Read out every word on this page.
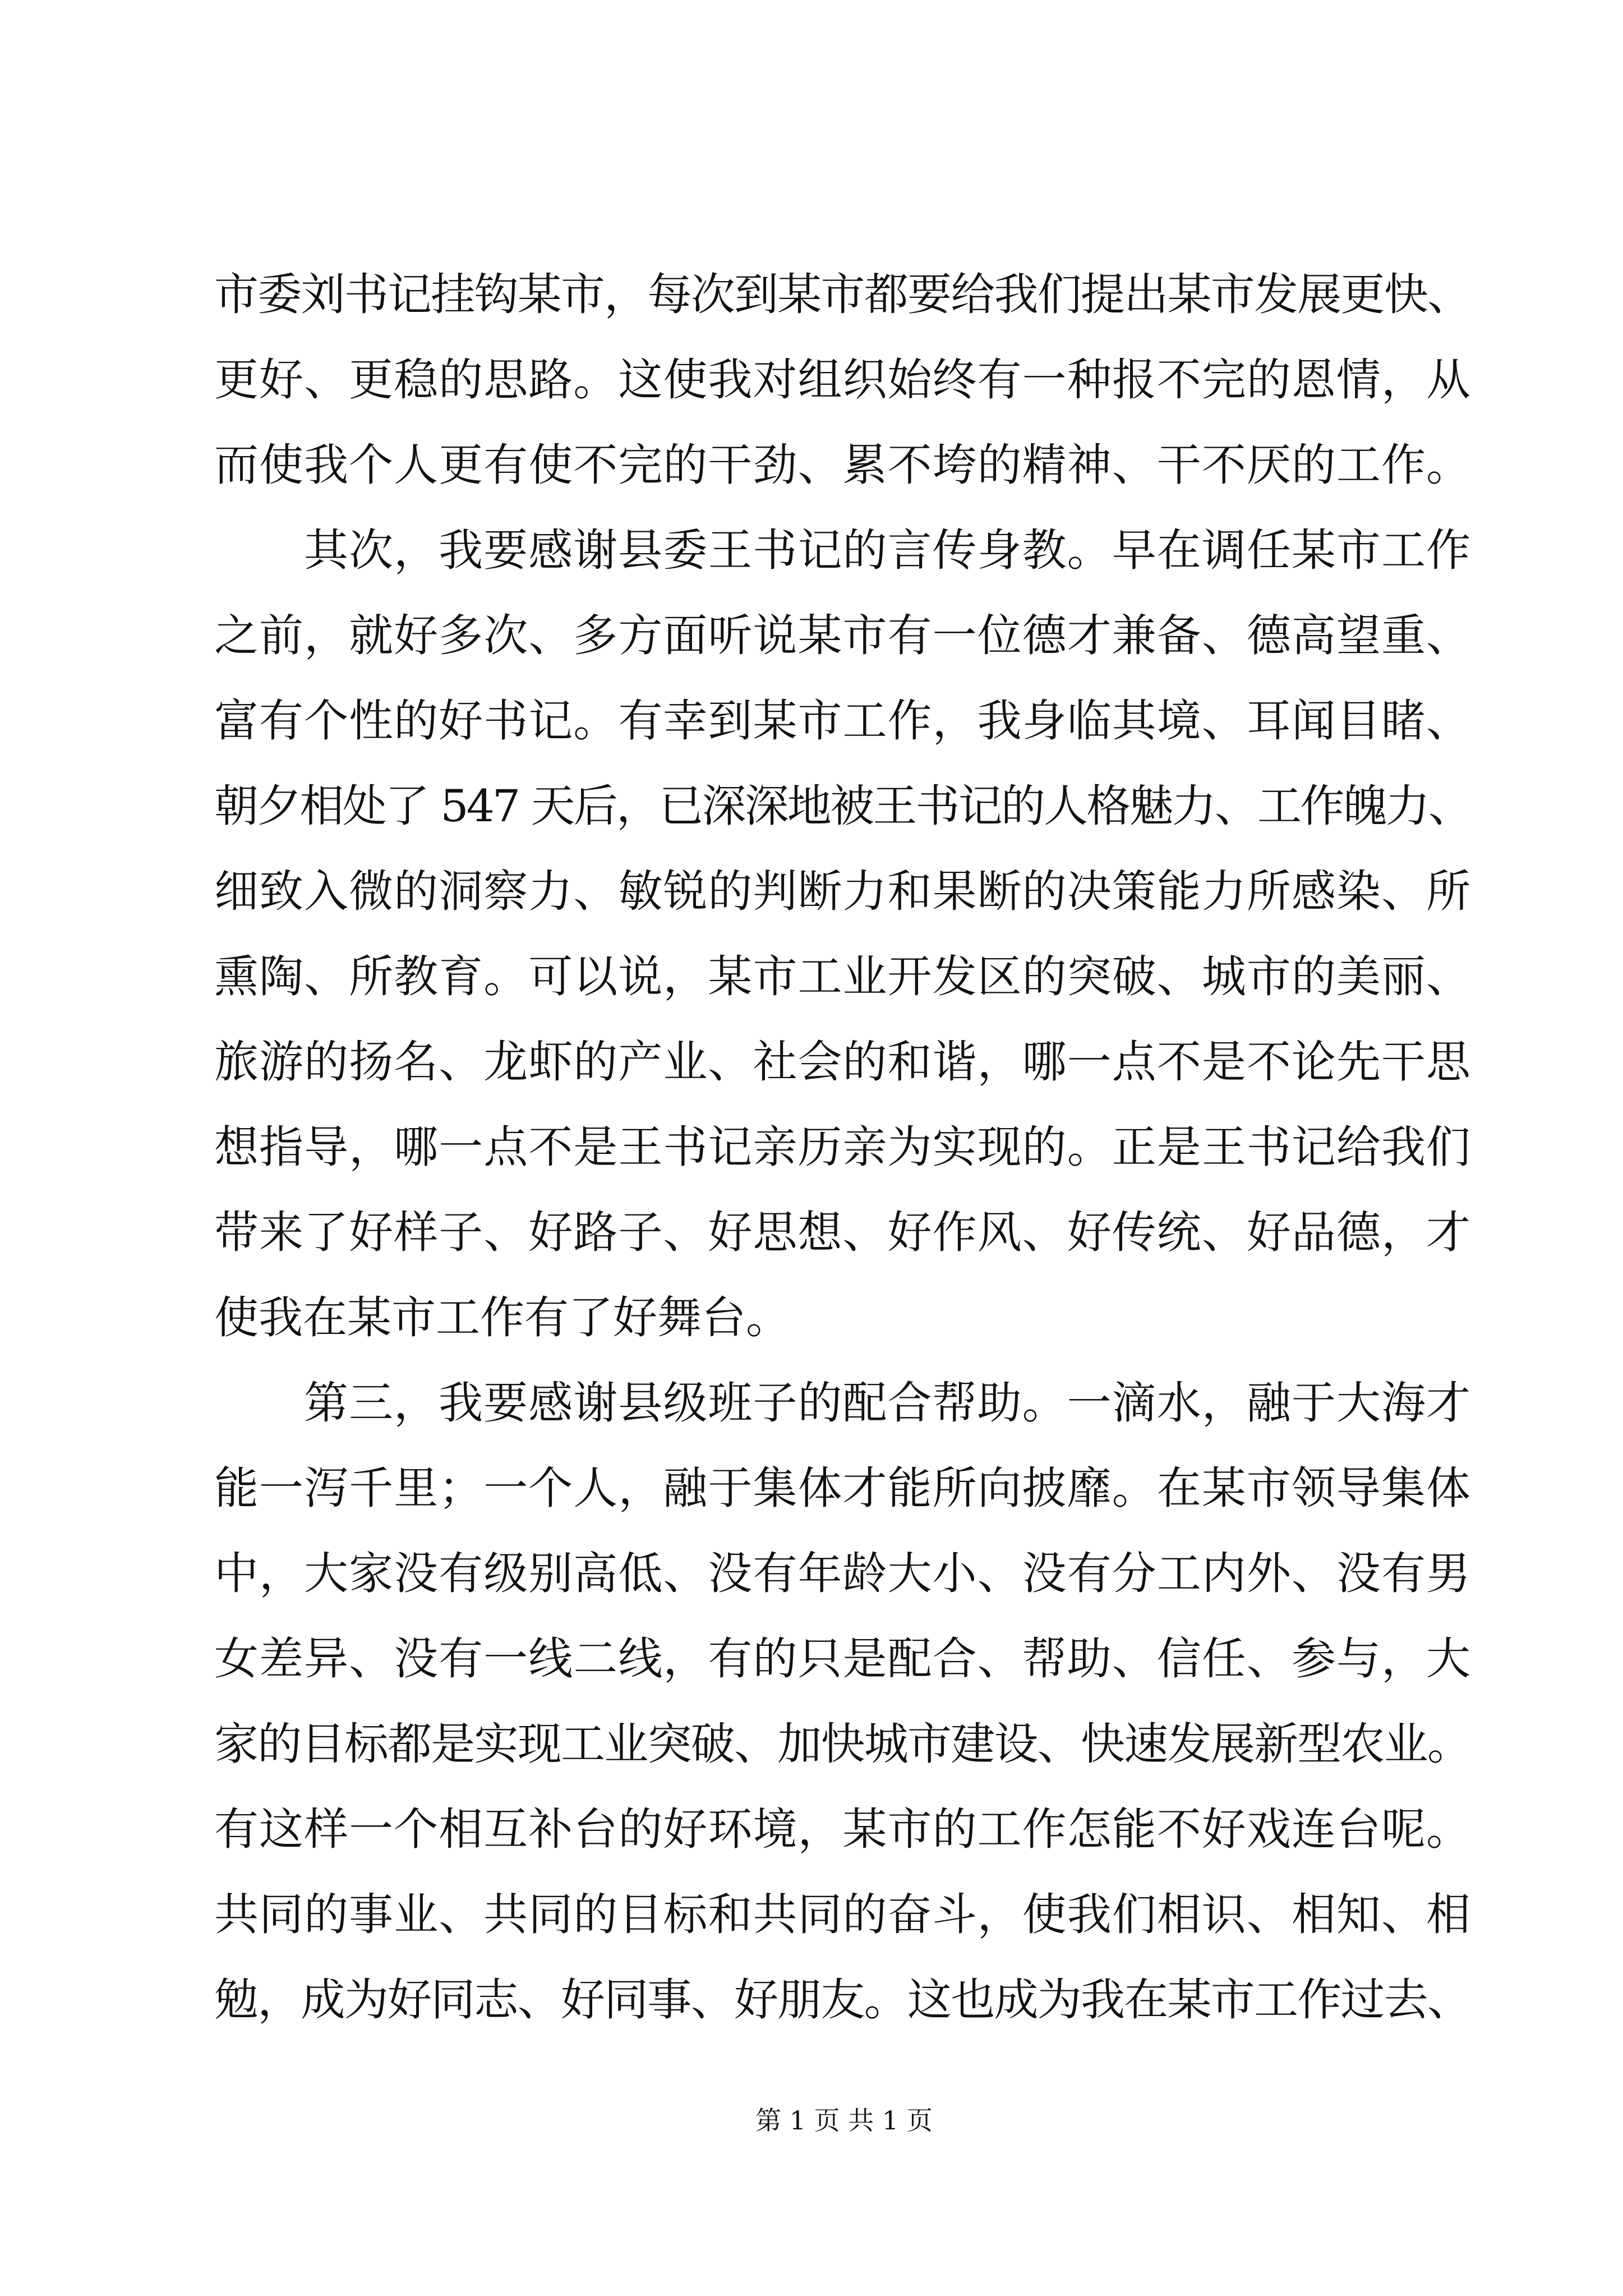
市委刘书记挂钩某市，每次到某市都要给我们提出某市发展更快、
更好、更稳的思路。这使我对组织始终有一种报不完的恩情，从
而使我个人更有使不完的干劲、累不垮的精神、干不厌的工作。
其次，我要感谢县委王书记的言传身教。早在调任某市工作
之前，就好多次、多方面听说某市有一位德才兼备、德高望重、
富有个性的好书记。有幸到某市工作，我身临其境、耳闻目睹、
朝夕相处了 547 天后，已深深地被王书记的人格魅力、工作魄力、
细致入微的洞察力、敏锐的判断力和果断的决策能力所感染、所
熏陶、所教育。可以说，某市工业开发区的突破、城市的美丽、
旅游的扬名、龙虾的产业、社会的和谐，哪一点不是不论先干思
想指导，哪一点不是王书记亲历亲为实现的。正是王书记给我们
带来了好样子、好路子、好思想、好作风、好传统、好品德，才
使我在某市工作有了好舞台。
第三，我要感谢县级班子的配合帮助。一滴水，融于大海才
能一泻千里；一个人，融于集体才能所向披靡。在某市领导集体
中，大家没有级别高低、没有年龄大小、没有分工内外、没有男
女差异、没有一线二线，有的只是配合、帮助、信任、参与，大
家的目标都是实现工业突破、加快城市建设、快速发展新型农业。
有这样一个相互补台的好环境，某市的工作怎能不好戏连台呢。
共同的事业、共同的目标和共同的奋斗，使我们相识、相知、相
勉，成为好同志、好同事、好朋友。这也成为我在某市工作过去、
第 1 页 共 1 页
